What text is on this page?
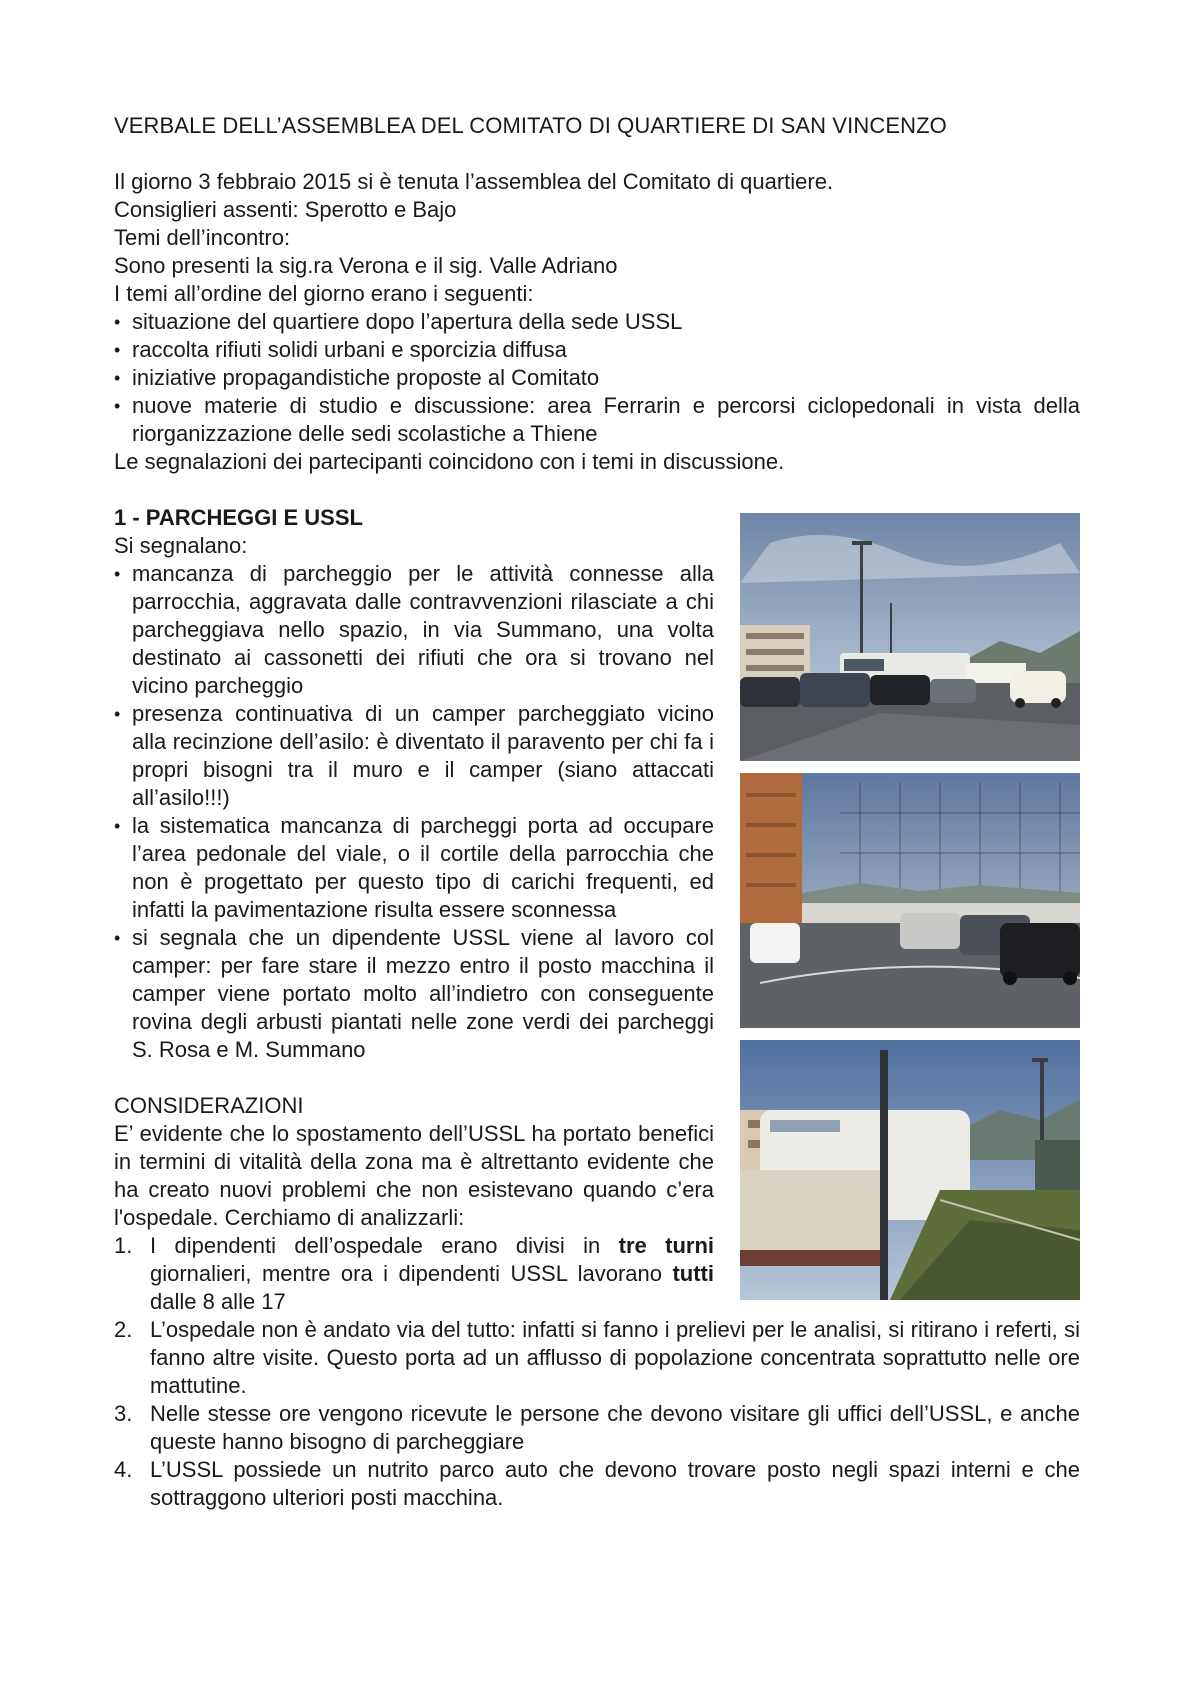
VERBALE DELL’ASSEMBLEA DEL COMITATO DI QUARTIERE DI SAN VINCENZO

Il giorno 3 febbraio 2015 si è tenuta l’assemblea del Comitato di quartiere.

Consiglieri assenti: Sperotto e Bajo

Temi dell’incontro:

Sono presenti la sig.ra Verona e il sig. Valle Adriano

I temi all’ordine del giorno erano i seguenti:

• situazione del quartiere dopo l’apertura della sede USSL
• raccolta rifiuti solidi urbani e sporcizia diffusa
• iniziative propagandistiche proposte al Comitato
• nuove materie di studio e discussione: area Ferrarin e percorsi ciclopedonali in vista della riorganizzazione delle sedi scolastiche a Thiene

Le segnalazioni dei partecipanti coincidono con i temi in discussione.

1 - PARCHEGGI E USSL

Si segnalano:

• mancanza di parcheggio per le attività connesse alla parrocchia, aggravata dalle contravvenzioni rilasciate a chi parcheggiava nello spazio, in via Summano, una volta destinato ai cassonetti dei rifiuti che ora si trovano nel vicino parcheggio
• presenza continuativa di un camper parcheggiato vicino alla recinzione dell’asilo: è diventato il paravento per chi fa i propri bisogni tra il muro e il camper (siano attaccati all’asilo!!!)
• la sistematica mancanza di parcheggi porta ad occupare l’area pedonale del viale, o il cortile della parrocchia che non è progettato per questo tipo di carichi frequenti, ed infatti la pavimentazione risulta essere sconnessa
• si segnala che un dipendente USSL viene al lavoro col camper: per fare stare il mezzo entro il posto macchina il camper viene portato molto all’indietro con conseguente rovina degli arbusti piantati nelle zone verdi dei parcheggi S. Rosa e M. Summano

CONSIDERAZIONI

E’ evidente che lo spostamento dell’USSL ha portato benefici in termini di vitalità della zona ma è altrettanto evidente che ha creato nuovi problemi che non esistevano quando c’era l'ospedale. Cerchiamo di analizzarli:

1. I dipendenti dell’ospedale erano divisi in tre turni giornalieri, mentre ora i dipendenti USSL lavorano tutti dalle 8 alle 17
2. L’ospedale non è andato via del tutto: infatti si fanno i prelievi per le analisi, si ritirano i referti, si fanno altre visite. Questo porta ad un afflusso di popolazione concentrata soprattutto nelle ore mattutine.
3. Nelle stesse ore vengono ricevute le persone che devono visitare gli uffici dell’USSL, e anche queste hanno bisogno di parcheggiare
4. L’USSL possiede un nutrito parco auto che devono trovare posto negli spazi interni e che sottraggono ulteriori posti macchina.
